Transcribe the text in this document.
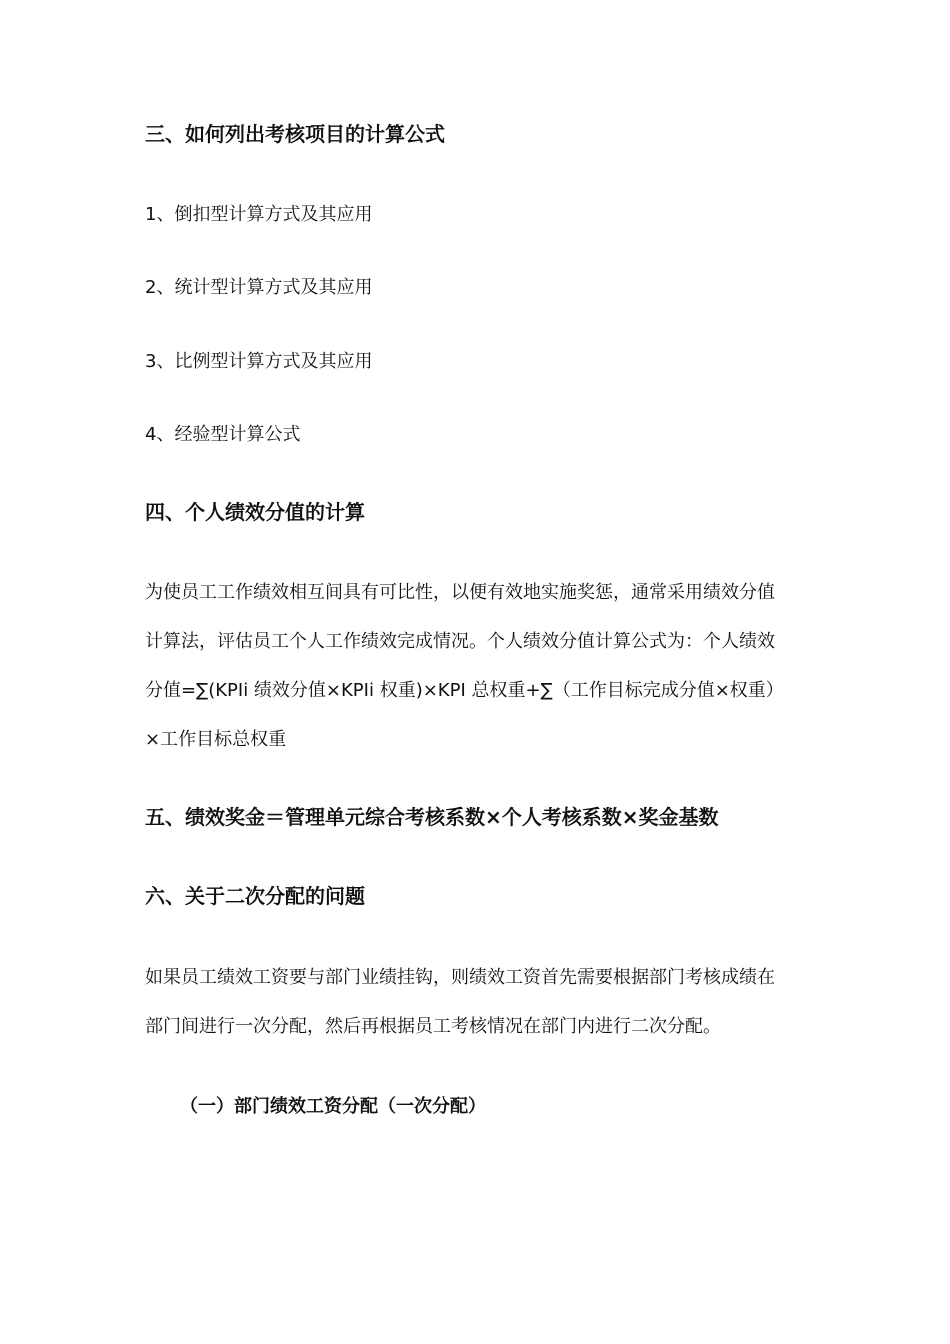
三、如何列出考核项目的计算公式

1、倒扣型计算方式及其应用

2、统计型计算方式及其应用

3、比例型计算方式及其应用

4、经验型计算公式

四、个人绩效分值的计算

为使员工工作绩效相互间具有可比性，以便有效地实施奖惩，通常采用绩效分值
计算法，评估员工个人工作绩效完成情况。个人绩效分值计算公式为：个人绩效
分值=∑(KPIi 绩效分值×KPIi 权重)×KPI 总权重+∑（工作目标完成分值×权重）
×工作目标总权重

五、绩效奖金＝管理单元综合考核系数×个人考核系数×奖金基数
六、关于二次分配的问题

如果员工绩效工资要与部门业绩挂钩，则绩效工资首先需要根据部门考核成绩在
部门间进行一次分配，然后再根据员工考核情况在部门内进行二次分配。

（一）部门绩效工资分配（一次分配）
